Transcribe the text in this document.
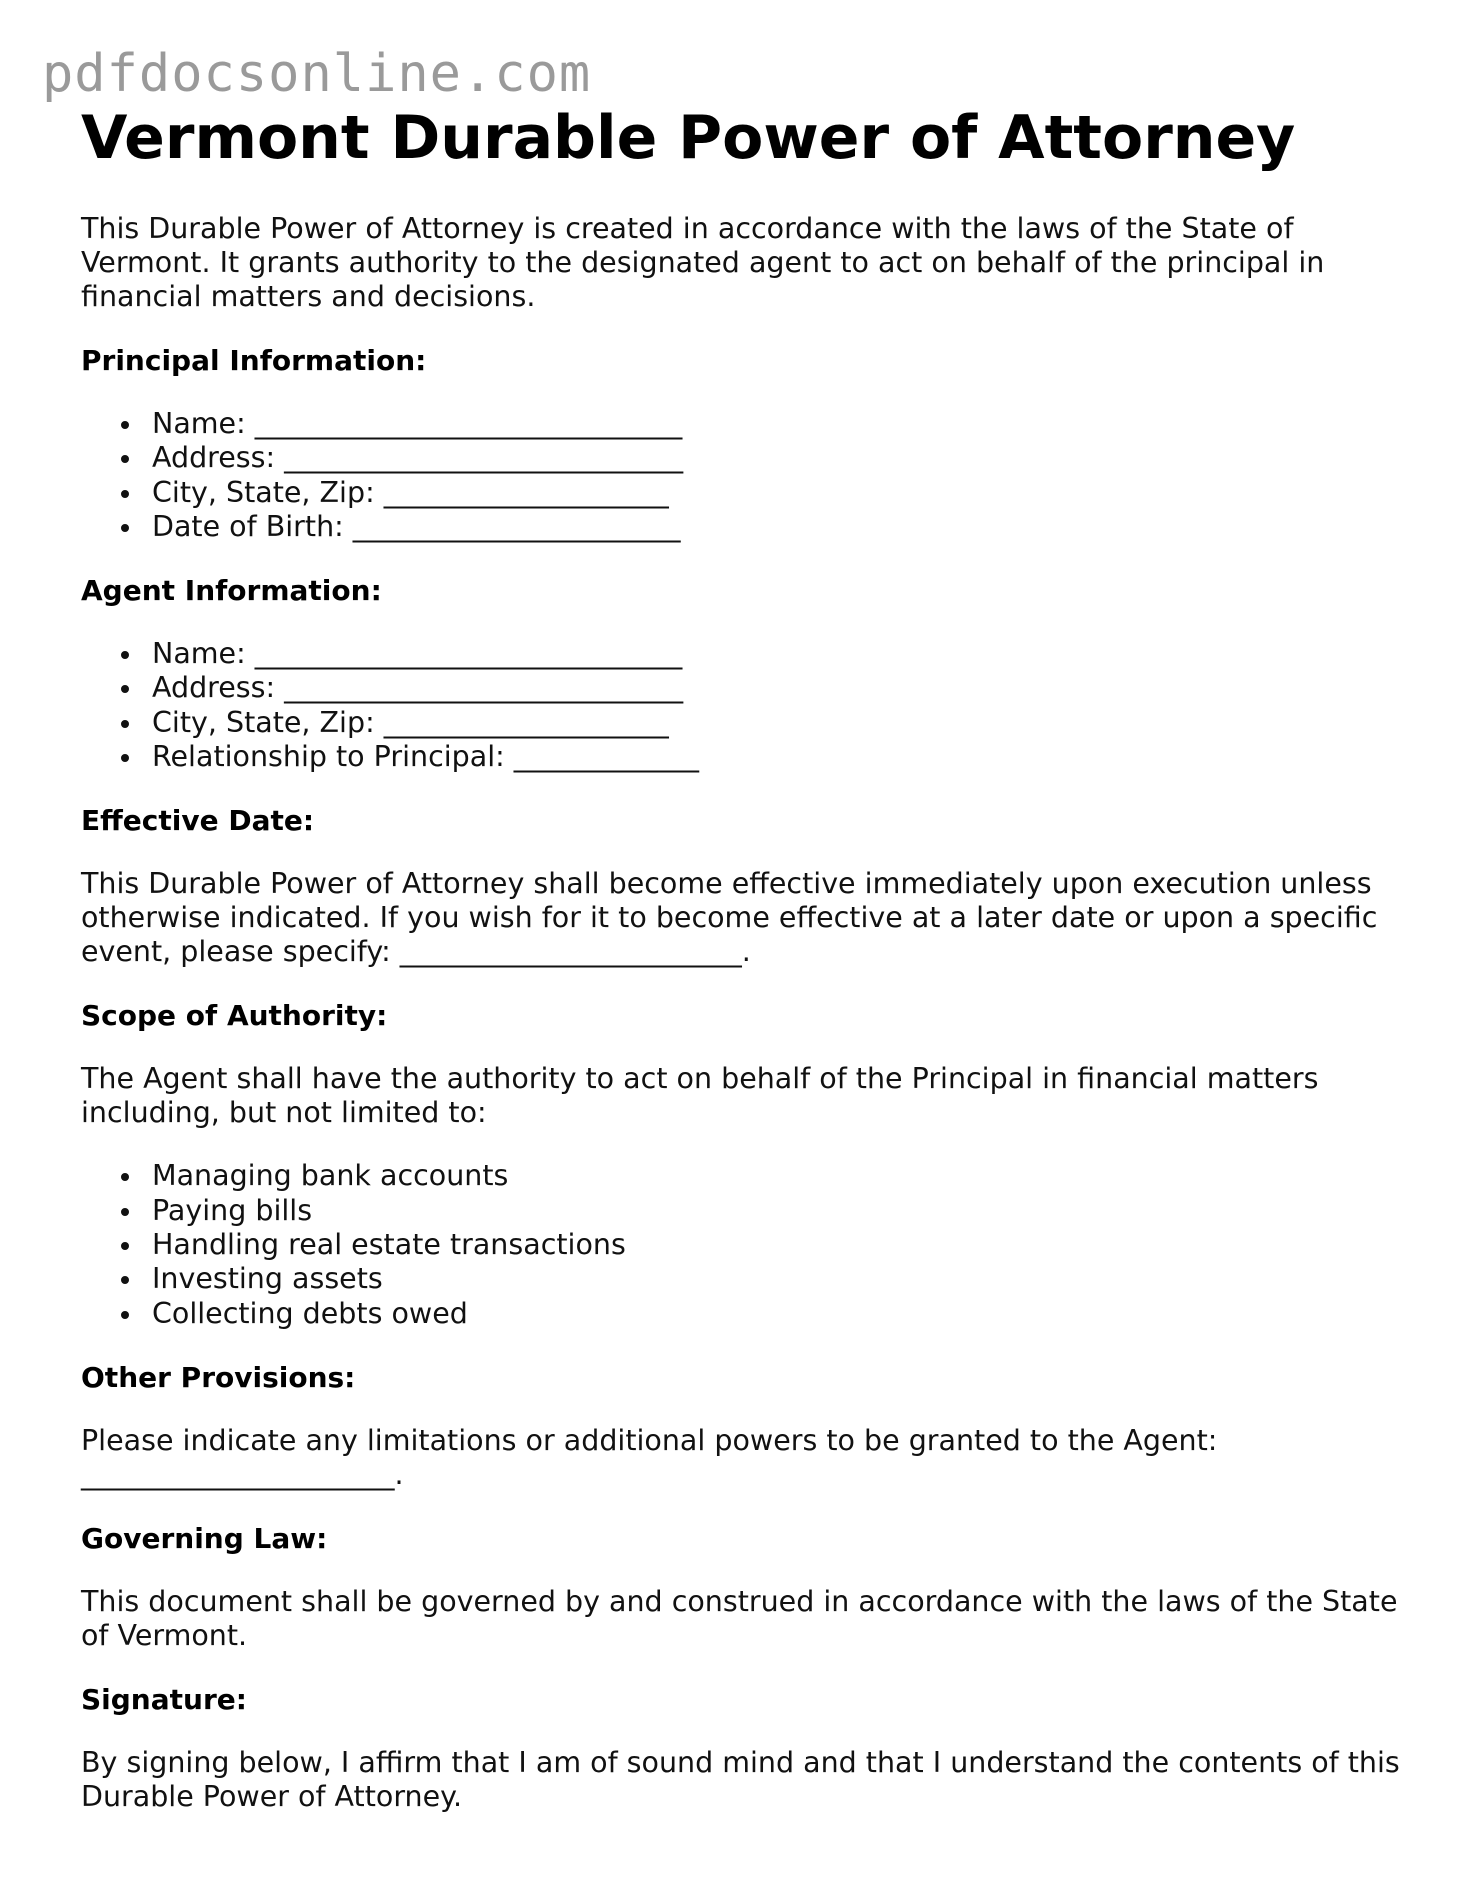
pdfdocsonline.com
Vermont Durable Power of Attorney

This Durable Power of Attorney is created in accordance with the laws of the State of Vermont. It grants authority to the designated agent to act on behalf of the principal in financial matters and decisions.

Principal Information:
Name: ______________________________
Address: ____________________________
City, State, Zip: ____________________
Date of Birth: _______________________
Agent Information:
Name: ______________________________
Address: ____________________________
City, State, Zip: ____________________
Relationship to Principal: _____________
Effective Date:

This Durable Power of Attorney shall become effective immediately upon execution unless otherwise indicated. If you wish for it to become effective at a later date or upon a specific event, please specify: ________________________.

Scope of Authority:

The Agent shall have the authority to act on behalf of the Principal in financial matters including, but not limited to:

Managing bank accounts
Paying bills
Handling real estate transactions
Investing assets
Collecting debts owed
Other Provisions:

Please indicate any limitations or additional powers to be granted to the Agent:

______________________.

Governing Law:

This document shall be governed by and construed in accordance with the laws of the State of Vermont.

Signature:

By signing below, I affirm that I am of sound mind and that I understand the contents of this Durable Power of Attorney.
